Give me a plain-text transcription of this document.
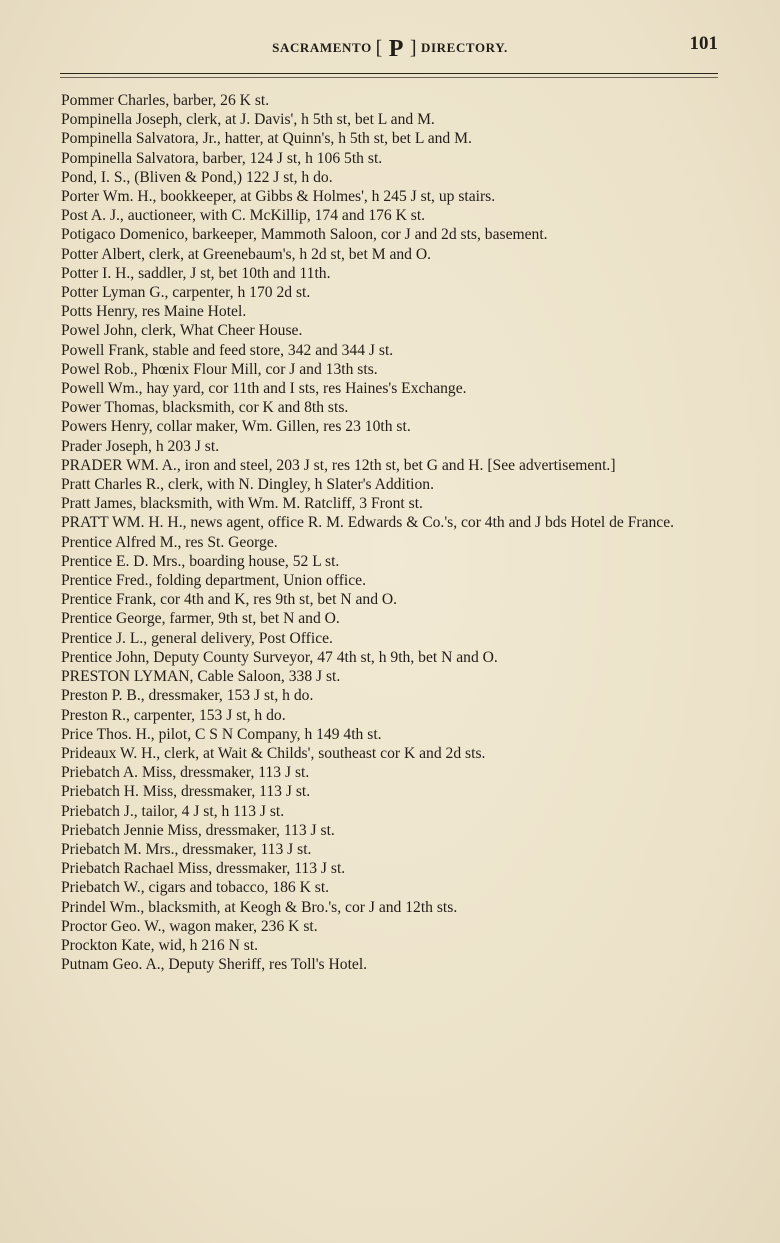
SACRAMENTO [ P ] DIRECTORY.	101
Pommer Charles, barber, 26 K st.
Pompinella Joseph, clerk, at J. Davis', h 5th st, bet L and M.
Pompinella Salvatora, Jr., hatter, at Quinn's, h 5th st, bet L and M.
Pompinella Salvatora, barber, 124 J st, h 106 5th st.
Pond, I. S., (Bliven & Pond,) 122 J st, h do.
Porter Wm. H., bookkeeper, at Gibbs & Holmes', h 245 J st, up stairs.
Post A. J., auctioneer, with C. McKillip, 174 and 176 K st.
Potigaco Domenico, barkeeper, Mammoth Saloon, cor J and 2d sts, basement.
Potter Albert, clerk, at Greenebaum's, h 2d st, bet M and O.
Potter I. H., saddler, J st, bet 10th and 11th.
Potter Lyman G., carpenter, h 170 2d st.
Potts Henry, res Maine Hotel.
Powel John, clerk, What Cheer House.
Powell Frank, stable and feed store, 342 and 344 J st.
Powel Rob., Phœnix Flour Mill, cor J and 13th sts.
Powell Wm., hay yard, cor 11th and I sts, res Haines's Exchange.
Power Thomas, blacksmith, cor K and 8th sts.
Powers Henry, collar maker, Wm. Gillen, res 23 10th st.
Prader Joseph, h 203 J st.
PRADER WM. A., iron and steel, 203 J st, res 12th st, bet G and H. [See advertisement.]
Pratt Charles R., clerk, with N. Dingley, h Slater's Addition.
Pratt James, blacksmith, with Wm. M. Ratcliff, 3 Front st.
PRATT WM. H. H., news agent, office R. M. Edwards & Co.'s, cor 4th and J bds Hotel de France.
Prentice Alfred M., res St. George.
Prentice E. D. Mrs., boarding house, 52 L st.
Prentice Fred., folding department, Union office.
Prentice Frank, cor 4th and K, res 9th st, bet N and O.
Prentice George, farmer, 9th st, bet N and O.
Prentice J. L., general delivery, Post Office.
Prentice John, Deputy County Surveyor, 47 4th st, h 9th, bet N and O.
PRESTON LYMAN, Cable Saloon, 338 J st.
Preston P. B., dressmaker, 153 J st, h do.
Preston R., carpenter, 153 J st, h do.
Price Thos. H., pilot, C S N Company, h 149 4th st.
Prideaux W. H., clerk, at Wait & Childs', southeast cor K and 2d sts.
Priebatch A. Miss, dressmaker, 113 J st.
Priebatch H. Miss, dressmaker, 113 J st.
Priebatch J., tailor, 4 J st, h 113 J st.
Priebatch Jennie Miss, dressmaker, 113 J st.
Priebatch M. Mrs., dressmaker, 113 J st.
Priebatch Rachael Miss, dressmaker, 113 J st.
Priebatch W., cigars and tobacco, 186 K st.
Prindel Wm., blacksmith, at Keogh & Bro.'s, cor J and 12th sts.
Proctor Geo. W., wagon maker, 236 K st.
Prockton Kate, wid, h 216 N st.
Putnam Geo. A., Deputy Sheriff, res Toll's Hotel.
